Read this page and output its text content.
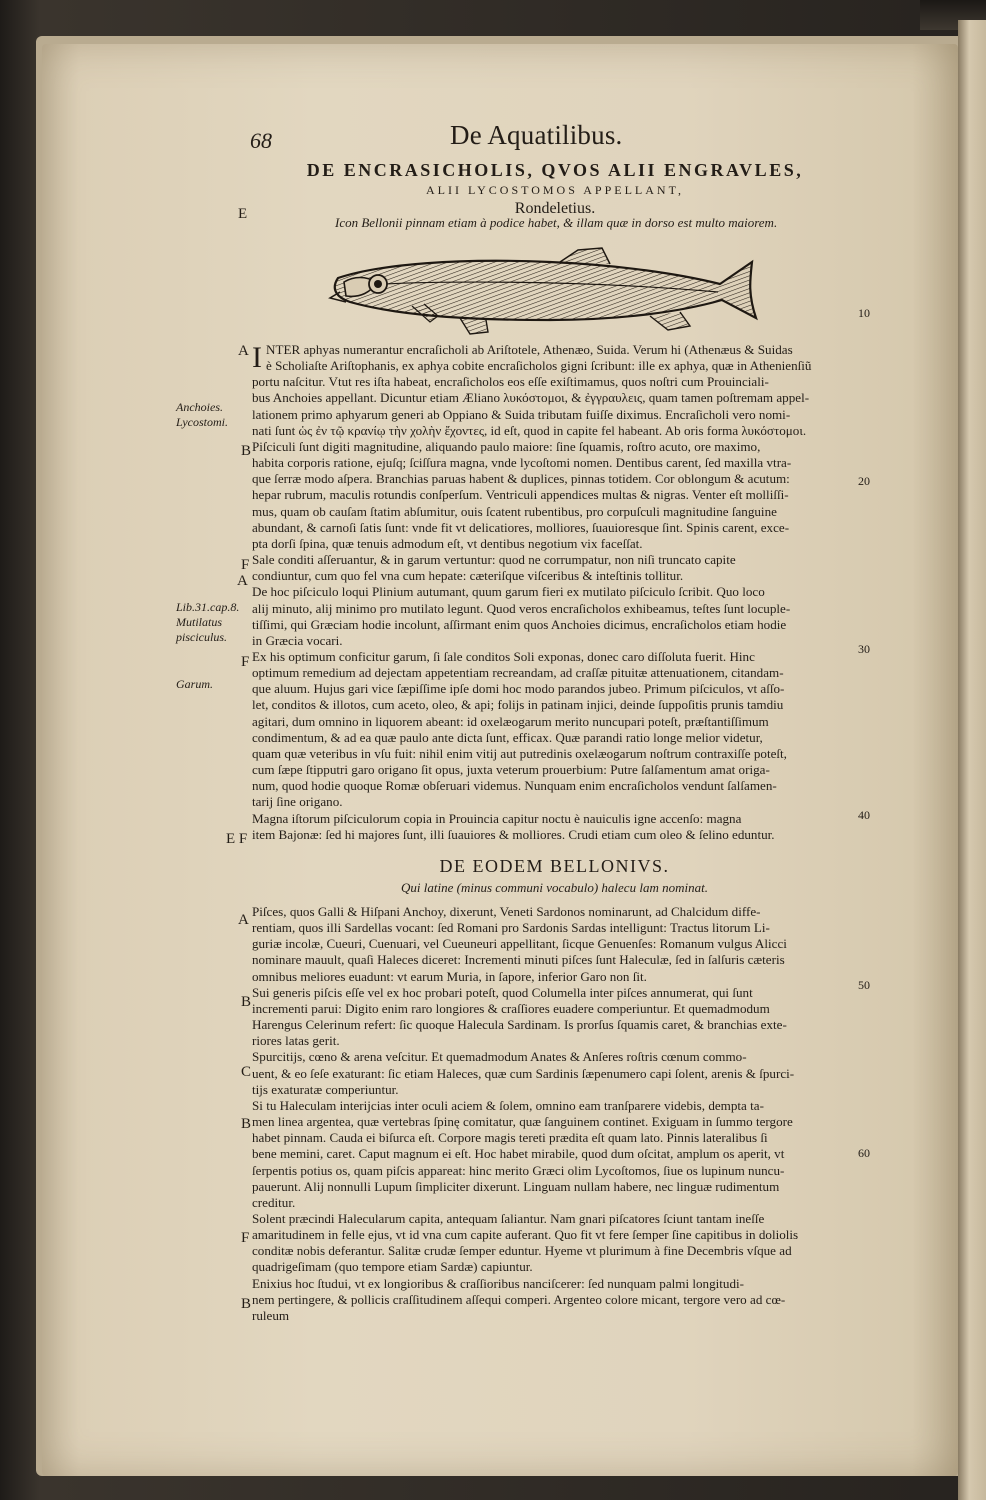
68	De Aquatilibus.
DE ENCRASICHOLIS, QVOS ALII ENGRAVLES,
ALII LYCOSTOMOS APPELLANT,
Rondeletius.
Icon Bellonii pinnam etiam à podice habet, & illam quæ in dorso est multo maiorem.
E
A
B
F
A
F
E F
A
B
C
B
F
B
10
20
30
40
50
60
Anchoies.
Lycostomi.
Lib.31.cap.8.
Mutilatus
pisciculus.
Garum.
I NTER aphyas numerantur encraſicholi ab Ariſtotele, Athenæo, Suida. Verum hi (Athenæus & Suidas
è Scholiaſte Ariſtophanis, ex aphya cobite encraſicholos gigni ſcribunt: ille ex aphya, quæ in Athenienſiũ
portu naſcitur. Vtut res iſta habeat, encraſicholos eos eſſe exiſtimamus, quos noſtri cum Prouinciali-
bus Anchoies appellant. Dicuntur etiam Æliano λυκόστομοι, & ἐγγραυλεις, quam tamen poſtremam appel-
lationem primo aphyarum generi ab Oppiano & Suida tributam fuiſſe diximus. Encraſicholi vero nomi-
nati ſunt ὡς ἐν τῷ κρανίῳ τὴν χολὴν ἔχοντες, id eſt, quod in capite fel habeant. Ab oris forma λυκόστομοι.
Piſciculi ſunt digiti magnitudine, aliquando paulo maiore: ſine ſquamis, roſtro acuto, ore maximo,
habita corporis ratione, ejuſq; ſciſſura magna, vnde lycoſtomi nomen. Dentibus carent, ſed maxilla vtra-
que ſerræ modo aſpera. Branchias paruas habent & duplices, pinnas totidem. Cor oblongum & acutum:
hepar rubrum, maculis rotundis conſperſum. Ventriculi appendices multas & nigras. Venter eſt molliſſi-
mus, quam ob cauſam ſtatim abſumitur, ouis ſcatent rubentibus, pro corpuſculi magnitudine ſanguine
abundant, & carnoſi ſatis ſunt: vnde fit vt delicatiores, molliores, ſuauioresque ſint. Spinis carent, exce-
pta dorſi ſpina, quæ tenuis admodum eſt, vt dentibus negotium vix faceſſat.
Sale conditi aſſeruantur, & in garum vertuntur: quod ne corrumpatur, non niſi truncato capite
condiuntur, cum quo fel vna cum hepate: cæteriſque viſceribus & inteſtinis tollitur.
De hoc piſciculo loqui Plinium autumant, quum garum fieri ex mutilato piſciculo ſcribit. Quo loco
alij minuto, alij minimo pro mutilato legunt. Quod veros encraſicholos exhibeamus, teſtes ſunt locuple-
tiſſimi, qui Græciam hodie incolunt, aſſirmant enim quos Anchoies dicimus, encraſicholos etiam hodie
in Græcia vocari.
Ex his optimum conficitur garum, ſi ſale conditos Soli exponas, donec caro diſſoluta fuerit. Hinc
optimum remedium ad dejectam appetentiam recreandam, ad craſſæ pituitæ attenuationem, citandam-
que aluum. Hujus gari vice ſæpiſſime ipſe domi hoc modo parandos jubeo. Primum piſciculos, vt aſſo-
let, conditos & illotos, cum aceto, oleo, & api; folijs in patinam injici, deinde ſuppoſitis prunis tamdiu
agitari, dum omnino in liquorem abeant: id oxelæogarum merito nuncupari poteſt, præſtantiſſimum
condimentum, & ad ea quæ paulo ante dicta ſunt, efficax. Quæ parandi ratio longe melior videtur,
quam quæ veteribus in vſu fuit: nihil enim vitij aut putredinis oxelæogarum noſtrum contraxiſſe poteſt,
cum ſæpe ſtipputri garo origano ſit opus, juxta veterum prouerbium: Putre ſalſamentum amat origa-
num, quod hodie quoque Romæ obſeruari videmus. Nunquam enim encraſicholos vendunt ſalſamen-
tarij ſine origano.
Magna iſtorum piſciculorum copia in Prouincia capitur noctu è nauiculis igne accenſo: magna
item Bajonæ: ſed hi majores ſunt, illi ſuauiores & molliores. Crudi etiam cum oleo & ſelino eduntur.
DE EODEM BELLONIVS.
Qui latine (minus communi vocabulo) halecu lam nominat.
Piſces, quos Galli & Hiſpani Anchoy, dixerunt, Veneti Sardonos nominarunt, ad Chalcidum diffe-
rentiam, quos illi Sardellas vocant: ſed Romani pro Sardonis Sardas intelligunt: Tractus litorum Li-
guriæ incolæ, Cueuri, Cuenuari, vel Cueuneuri appellitant, ſicque Genuenſes: Romanum vulgus Alicci
nominare mauult, quaſi Haleces diceret: Incrementi minuti piſces ſunt Haleculæ, ſed in ſalſuris cæteris
omnibus meliores euadunt: vt earum Muria, in ſapore, inferior Garo non ſit.
Sui generis piſcis eſſe vel ex hoc probari poteſt, quod Columella inter piſces annumerat, qui ſunt
incrementi parui: Digito enim raro longiores & craſſiores euadere comperiuntur. Et quemadmodum
Harengus Celerinum refert: ſic quoque Halecula Sardinam. Is prorſus ſquamis caret, & branchias exte-
riores latas gerit.
Spurcitijs, cœno & arena veſcitur. Et quemadmodum Anates & Anſeres roſtris cœnum commo-
uent, & eo ſeſe exaturant: ſic etiam Haleces, quæ cum Sardinis ſæpenumero capi ſolent, arenis & ſpurci-
tijs exaturatæ comperiuntur.
Si tu Haleculam interijcias inter oculi aciem & ſolem, omnino eam tranſparere videbis, dempta ta-
men linea argentea, quæ vertebras ſpinę comitatur, quæ ſanguinem continet. Exiguam in ſummo tergore
habet pinnam. Cauda ei biſurca eſt. Corpore magis tereti prædita eſt quam lato. Pinnis lateralibus ſi
bene memini, caret. Caput magnum ei eſt. Hoc habet mirabile, quod dum oſcitat, amplum os aperit, vt
ſerpentis potius os, quam piſcis appareat: hinc merito Græci olim Lycoſtomos, ſiue os lupinum nuncu-
pauerunt. Alij nonnulli Lupum ſimpliciter dixerunt. Linguam nullam habere, nec linguæ rudimentum
creditur.
Solent præcindi Halecularum capita, antequam ſaliantur. Nam gnari piſcatores ſciunt tantam ineſſe
amaritudinem in felle ejus, vt id vna cum capite auferant. Quo fit vt fere ſemper ſine capitibus in doliolis
conditæ nobis deferantur. Salitæ crudæ ſemper eduntur. Hyeme vt plurimum à fine Decembris vſque ad
quadrigeſimam (quo tempore etiam Sardæ) capiuntur.
Enixius hoc ſtudui, vt ex longioribus & craſſioribus nanciſcerer: ſed nunquam palmi longitudi-
nem pertingere, & pollicis craſſitudinem aſſequi comperi. Argenteo colore micant, tergore vero ad cœ-
ruleum
